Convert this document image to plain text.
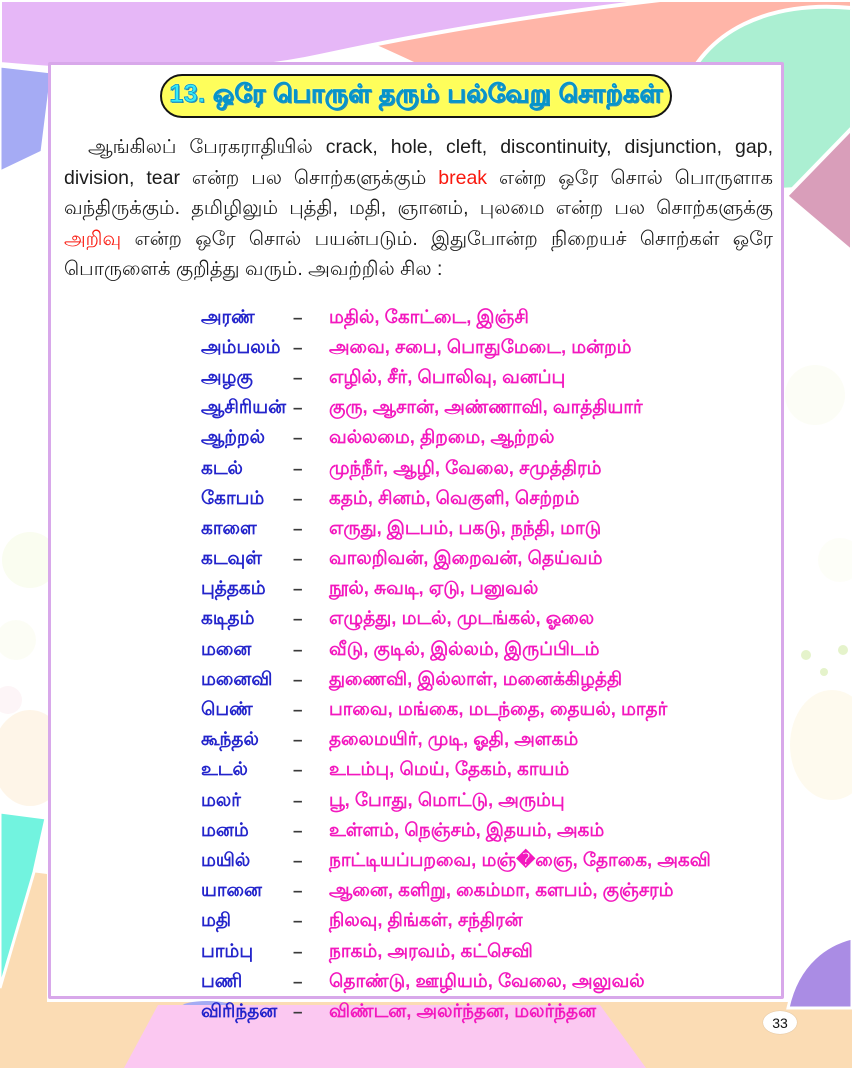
13. ஒரே பொருள் தரும் பல்வேறு சொற்கள்

ஆங்கிலப் பேரகராதியில் crack, hole, cleft, discontinuity, disjunction, gap, division, tear என்ற பல சொற்களுக்கும் break என்ற ஒரே சொல் பொருளாக வந்திருக்கும். தமிழிலும் புத்தி, மதி, ஞானம், புலமை என்ற பல சொற்களுக்கு அறிவு என்ற ஒரே சொல் பயன்படும். இதுபோன்ற நிறையச் சொற்கள் ஒரே பொருளைக் குறித்து வரும். அவற்றில் சில :

அரண்	–	மதில், கோட்டை, இஞ்சி
அம்பலம் –	அவை, சபை, பொதுமேடை, மன்றம்
அழகு	–	எழில், சீர், பொலிவு, வனப்பு
ஆசிரியன் –	குரு, ஆசான், அண்ணாவி, வாத்தியார்
ஆற்றல்	–	வல்லமை, திறமை, ஆற்றல்
கடல்	–	முந்நீர், ஆழி, வேலை, சமுத்திரம்
கோபம்	–	கதம், சினம், வெகுளி, செற்றம்
காளை	–	எருது, இடபம், பகடு, நந்தி, மாடு
கடவுள்	–	வாலறிவன், இறைவன், தெய்வம்
புத்தகம்	–	நூல், சுவடி, ஏடு, பனுவல்
கடிதம்	–	எழுத்து, மடல், முடங்கல், ஓலை
மனை	–	வீடு, குடில், இல்லம், இருப்பிடம்
மனைவி	–	துணைவி, இல்லாள், மனைக்கிழத்தி
பெண்	–	பாவை, மங்கை, மடந்தை, தையல், மாதர்
கூந்தல்	–	தலைமயிர், முடி, ஓதி, அளகம்
உடல்	–	உடம்பு, மெய், தேகம், காயம்
மலர்	–	பூ, போது, மொட்டு, அரும்பு
மனம்	–	உள்ளம், நெஞ்சம், இதயம், அகம்
மயில்	–	நாட்டியப்பறவை, மஞ்�ஞை, தோகை, அகவி
யானை	–	ஆனை, களிறு, கைம்மா, களபம், குஞ்சரம்
மதி	–	நிலவு, திங்கள், சந்திரன்
பாம்பு	–	நாகம், அரவம், கட்செவி
பணி	–	தொண்டு, ஊழியம், வேலை, அலுவல்
விரிந்தன –	விண்டன, அலர்ந்தன, மலர்ந்தன
33
